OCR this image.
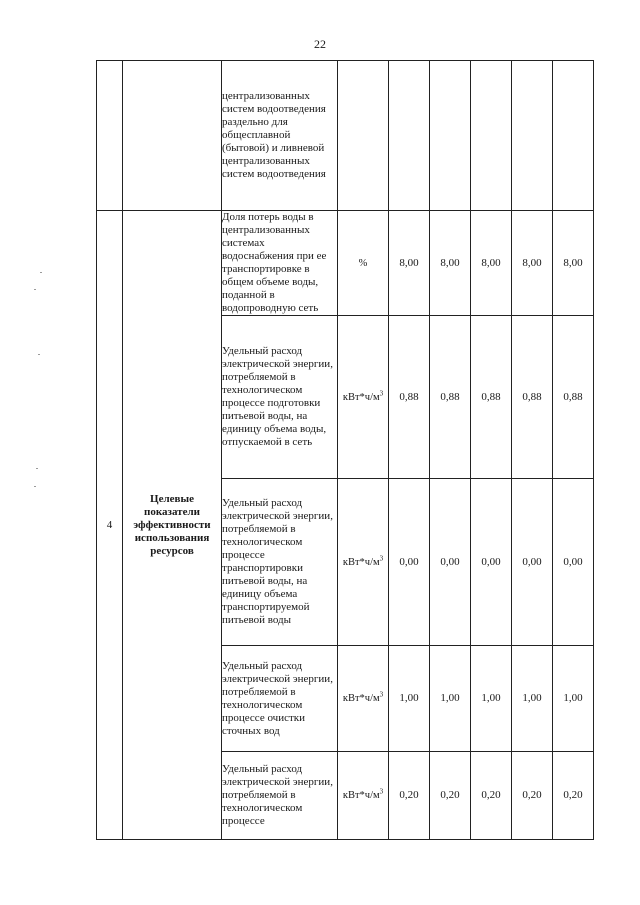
22

		централизованных систем водоотведения раздельно для общесплавной (бытовой) и ливневой централизованных систем водоотведения						

4	Целевые показатели эффективности использования ресурсов	Доля потерь воды в централизованных системах водоснабжения при ее транспортировке в общем объеме воды, поданной в водопроводную сеть	%	8,00	8,00	8,00	8,00	8,00

		Удельный расход электрической энергии, потребляемой в технологическом процессе подготовки питьевой воды, на единицу объема воды, отпускаемой в сеть	$кВт*ч/м^3$	0,88	0,88	0,88	0,88	0,88

		Удельный расход электрической энергии, потребляемой в технологическом процессе транспортировки питьевой воды, на единицу объема транспортируемой питьевой воды	$кВт*ч/м^3$	0,00	0,00	0,00	0,00	0,00

		Удельный расход электрической энергии, потребляемой в технологическом процессе очистки сточных вод	$кВт*ч/м^3$	1,00	1,00	1,00	1,00	1,00

		Удельный расход электрической энергии, потребляемой в технологическом процессе	$кВт*ч/м^3$	0,20	0,20	0,20	0,20	0,20
